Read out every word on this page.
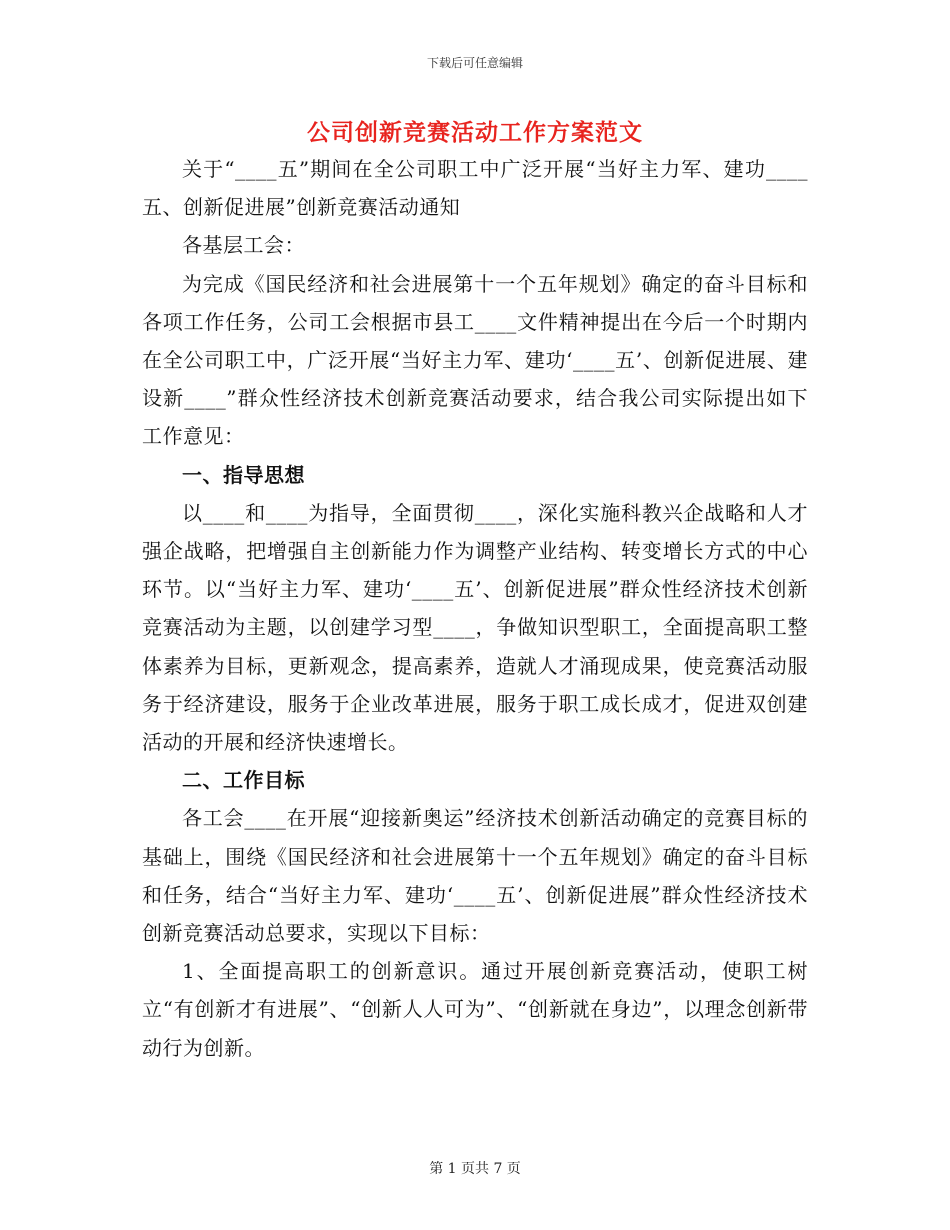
下载后可任意编辑
公司创新竞赛活动工作方案范文

关于“____五”期间在全公司职工中广泛开展“当好主力军、建功____五、创新促进展”创新竞赛活动通知

各基层工会：

为完成《国民经济和社会进展第十一个五年规划》确定的奋斗目标和各项工作任务，公司工会根据市县工____文件精神提出在今后一个时期内在全公司职工中，广泛开展“当好主力军、建功‘____五’、创新促进展、建设新____”群众性经济技术创新竞赛活动要求，结合我公司实际提出如下工作意见：

一、指导思想

以____和____为指导，全面贯彻____，深化实施科教兴企战略和人才强企战略，把增强自主创新能力作为调整产业结构、转变增长方式的中心环节。以“当好主力军、建功‘____五’、创新促进展”群众性经济技术创新竞赛活动为主题，以创建学习型____，争做知识型职工，全面提高职工整体素养为目标，更新观念，提高素养，造就人才涌现成果，使竞赛活动服务于经济建设，服务于企业改革进展，服务于职工成长成才，促进双创建活动的开展和经济快速增长。

二、工作目标

各工会____在开展“迎接新奥运”经济技术创新活动确定的竞赛目标的基础上，围绕《国民经济和社会进展第十一个五年规划》确定的奋斗目标和任务，结合“当好主力军、建功‘____五’、创新促进展”群众性经济技术创新竞赛活动总要求，实现以下目标：

1、全面提高职工的创新意识。通过开展创新竞赛活动，使职工树立“有创新才有进展”、“创新人人可为”、“创新就在身边”，以理念创新带动行为创新。

第 1 页共 7 页
